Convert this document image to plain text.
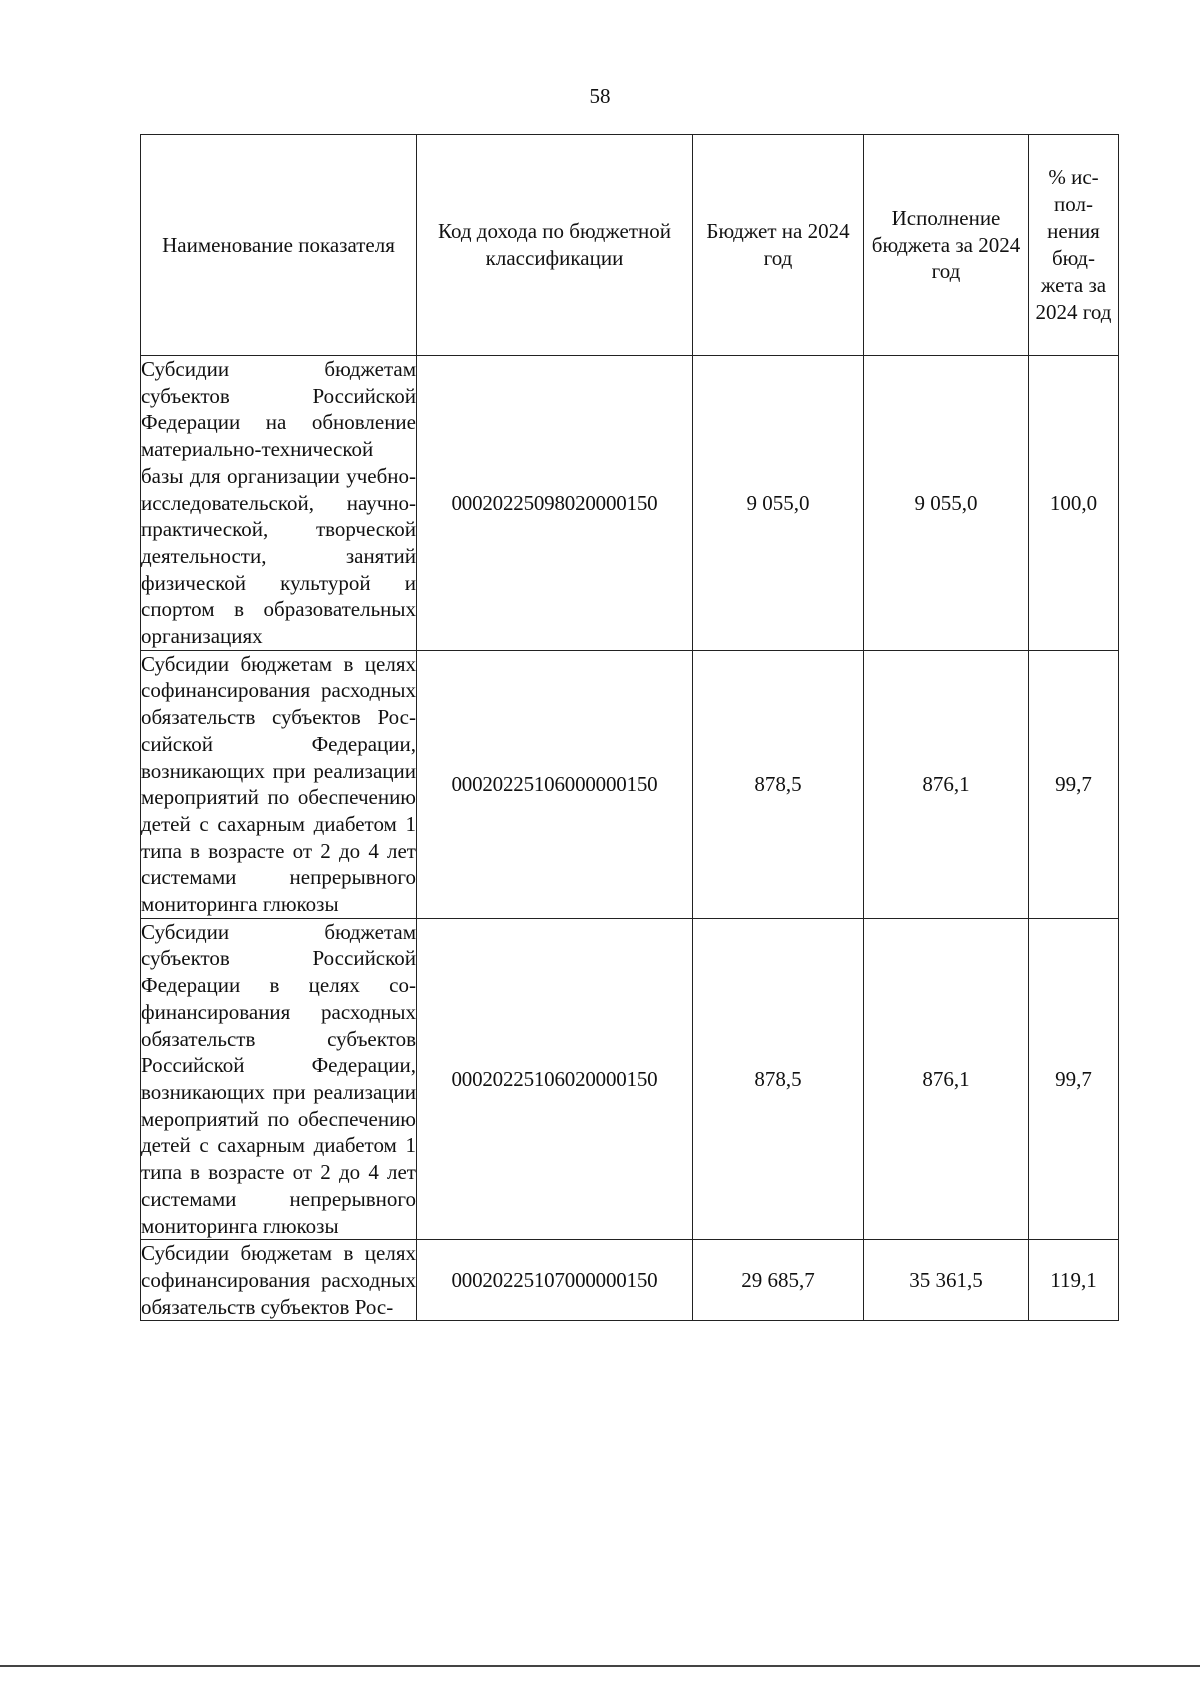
58
Наименование показателя	Код дохода по бюджетной классификации	Бюджет на 2024 год	Исполнение бюджета за 2024 год	% ис- пол- нения бюд- жета за 2024 год
Субсидии бюджетам субъектов Российской Федерации на обновление материально-технической базы для организации учебно-исследовательской, научно-практической, творческой деятельности, занятий физической культурой и спортом в образовательных организациях	00020225098020000150	9 055,0	9 055,0	100,0
Субсидии бюджетам в целях софинансирования расходных обязательств субъектов Российской Федерации, возникающих при реализации мероприятий по обеспечению детей с сахарным диабетом 1 типа в возрасте от 2 до 4 лет системами непрерывного мониторинга глюкозы	00020225106000000150	878,5	876,1	99,7
Субсидии бюджетам субъектов Российской Федерации в целях софинансирования расходных обязательств субъектов Российской Федерации, возникающих при реализации мероприятий по обеспечению детей с сахарным диабетом 1 типа в возрасте от 2 до 4 лет системами непрерывного мониторинга глюкозы	00020225106020000150	878,5	876,1	99,7
Субсидии бюджетам в целях софинансирования расходных обязательств субъектов Рос-	00020225107000000150	29 685,7	35 361,5	119,1
